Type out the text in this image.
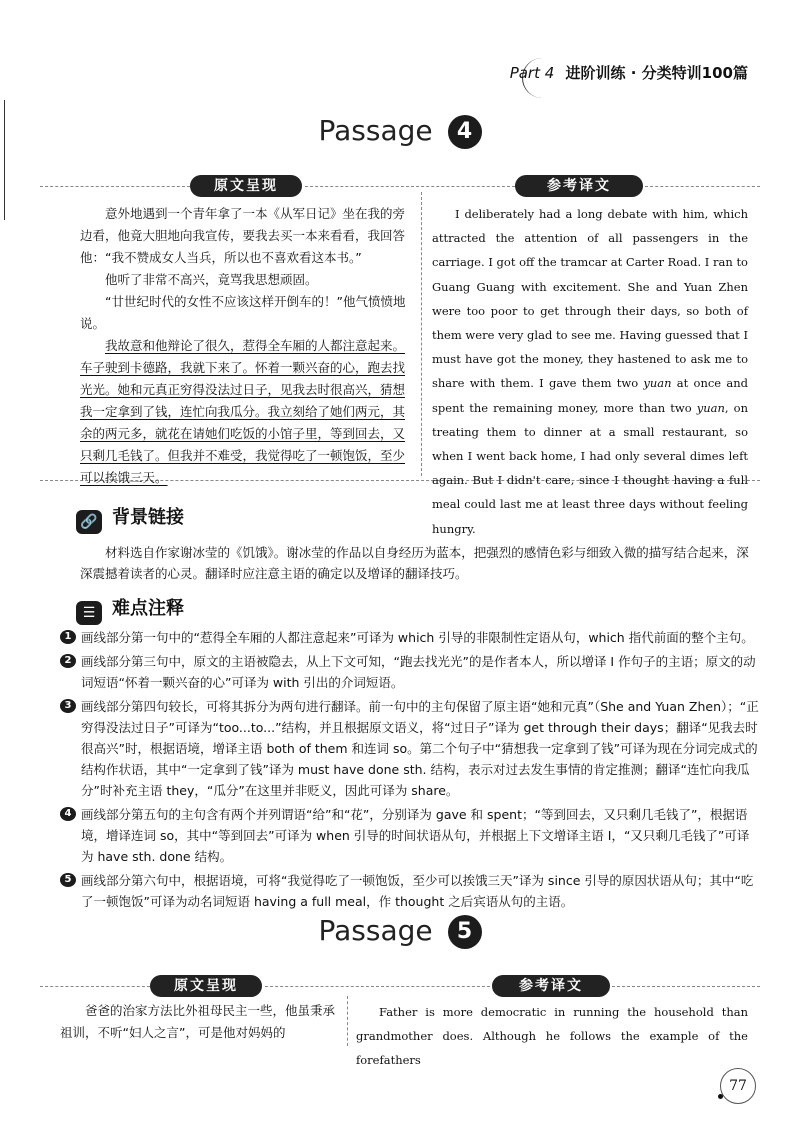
Part 4 进阶训练 · 分类特训100篇
Passage 4
原文呈现	参考译文

意外地遇到一个青年拿了一本《从军日记》坐在我的旁边看，他竟大胆地向我宣传，要我去买一本来看看，我回答他：“我不赞成女人当兵，所以也不喜欢看这本书。”

他听了非常不高兴，竟骂我思想顽固。

“廿世纪时代的女性不应该这样开倒车的！”他气愤愤地说。

我故意和他辩论了很久，惹得全车厢的人都注意起来。车子驶到卡德路，我就下来了。怀着一颗兴奋的心，跑去找光光。她和元真正穷得没法过日子，见我去时很高兴，猜想我一定拿到了钱，连忙向我瓜分。我立刻给了她们两元，其余的两元多，就花在请她们吃饭的小馆子里，等到回去，又只剩几毛钱了。但我并不难受，我觉得吃了一顿饱饭，至少可以挨饿三天。

I deliberately had a long debate with him, which attracted the attention of all passengers in the carriage. I got off the tramcar at Carter Road. I ran to Guang Guang with excitement. She and Yuan Zhen were too poor to get through their days, so both of them were very glad to see me. Having guessed that I must have got the money, they hastened to ask me to share with them. I gave them two yuan at once and spent the remaining money, more than two yuan, on treating them to dinner at a small restaurant, so when I went back home, I had only several dimes left again. But I didn't care, since I thought having a full meal could last me at least three days without feeling hungry.

🔗 背景链接
材料选自作家谢冰莹的《饥饿》。谢冰莹的作品以自身经历为蓝本，把强烈的感情色彩与细致入微的描写结合起来，深深震撼着读者的心灵。翻译时应注意主语的确定以及增译的翻译技巧。
☰ 难点注释
1 画线部分第一句中的“惹得全车厢的人都注意起来”可译为 which 引导的非限制性定语从句，which 指代前面的整个主句。
2 画线部分第三句中，原文的主语被隐去，从上下文可知，“跑去找光光”的是作者本人，所以增译 I 作句子的主语；原文的动词短语“怀着一颗兴奋的心”可译为 with 引出的介词短语。
3 画线部分第四句较长，可将其拆分为两句进行翻译。前一句中的主句保留了原主语“她和元真”（She and Yuan Zhen）；“正穷得没法过日子”可译为“too...to...”结构，并且根据原文语义，将“过日子”译为 get through their days；翻译“见我去时很高兴”时，根据语境，增译主语 both of them 和连词 so。第二个句子中“猜想我一定拿到了钱”可译为现在分词完成式的结构作状语，其中“一定拿到了钱”译为 must have done sth. 结构，表示对过去发生事情的肯定推测；翻译“连忙向我瓜分”时补充主语 they，“瓜分”在这里并非贬义，因此可译为 share。
4 画线部分第五句的主句含有两个并列谓语“给”和“花”，分别译为 gave 和 spent；“等到回去，又只剩几毛钱了”，根据语境，增译连词 so，其中“等到回去”可译为 when 引导的时间状语从句，并根据上下文增译主语 I，“又只剩几毛钱了”可译为 have sth. done 结构。
5 画线部分第六句中，根据语境，可将“我觉得吃了一顿饱饭，至少可以挨饿三天”译为 since 引导的原因状语从句；其中“吃了一顿饱饭”可译为动名词短语 having a full meal，作 thought 之后宾语从句的主语。
Passage 5
原文呈现	参考译文

爸爸的治家方法比外祖母民主一些，他虽秉承祖训，不听“妇人之言”，可是他对妈妈的

Father is more democratic in running the household than grandmother does. Although he follows the example of the forefathers

77
